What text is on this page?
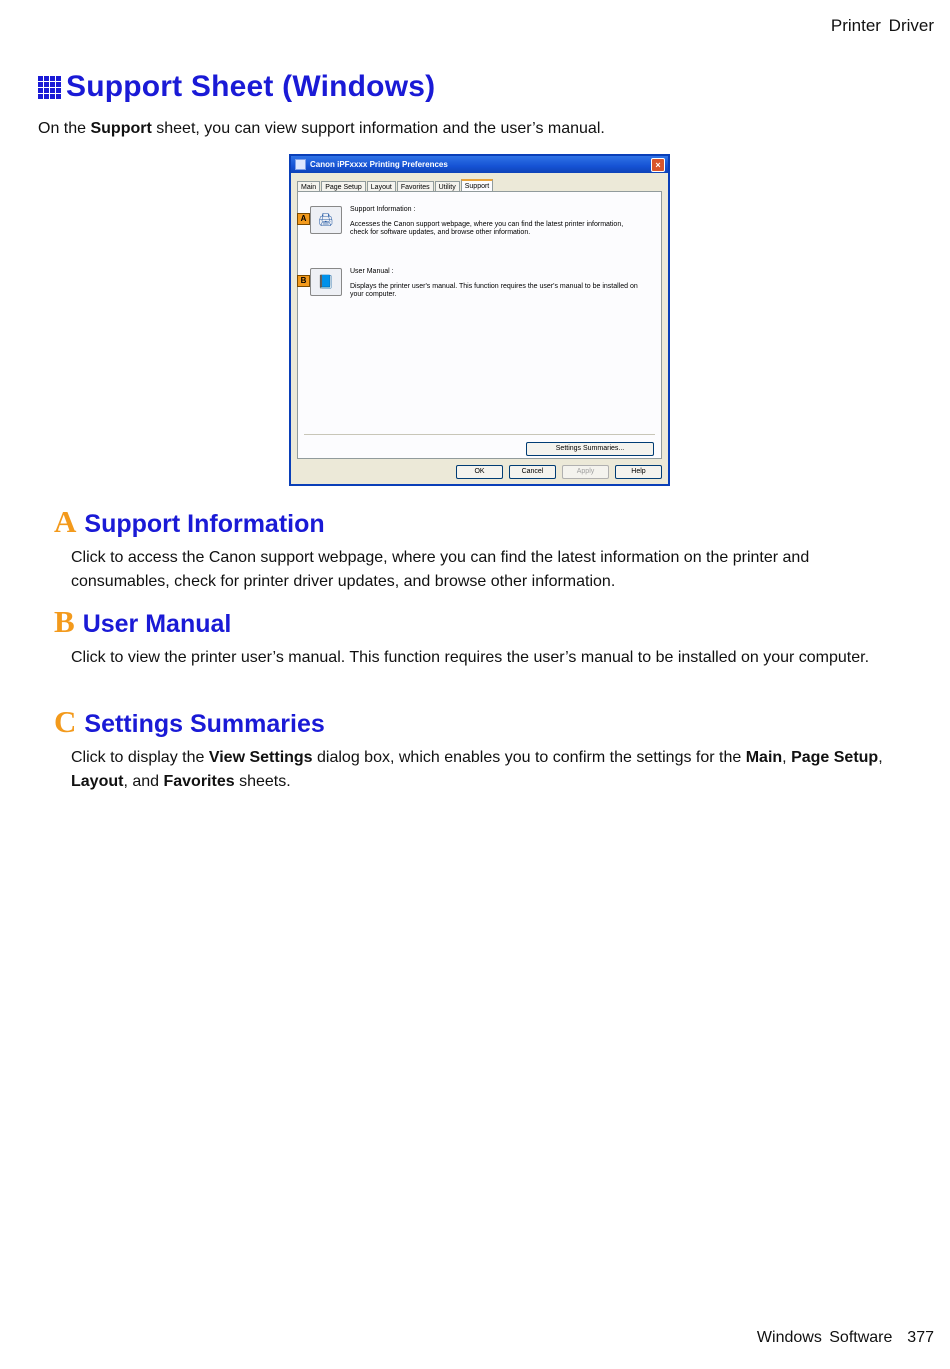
Printer Driver
Support Sheet (Windows)

On the Support sheet, you can view support information and the user’s manual.

Canon iPFxxxx Printing Preferences	×
Main	Page Setup	Layout	Favorites	Utility	Support
A 🖨
Support Information :
Accesses the Canon support webpage, where you can find the latest printer information, check for software updates, and browse other information.
B 📘
User Manual :
Displays the printer user's manual. This function requires the user's manual to be installed on your computer.
Settings Summaries...
OK	Cancel	Apply	Help
A Support Information

Click to access the Canon support webpage, where you can find the latest information on the printer and consumables, check for printer driver updates, and browse other information.

B User Manual

Click to view the printer user’s manual. This function requires the user’s manual to be installed on your computer.

C Settings Summaries

Click to display the View Settings dialog box, which enables you to confirm the settings for the Main, Page Setup, Layout, and Favorites sheets.

Windows Software 377
